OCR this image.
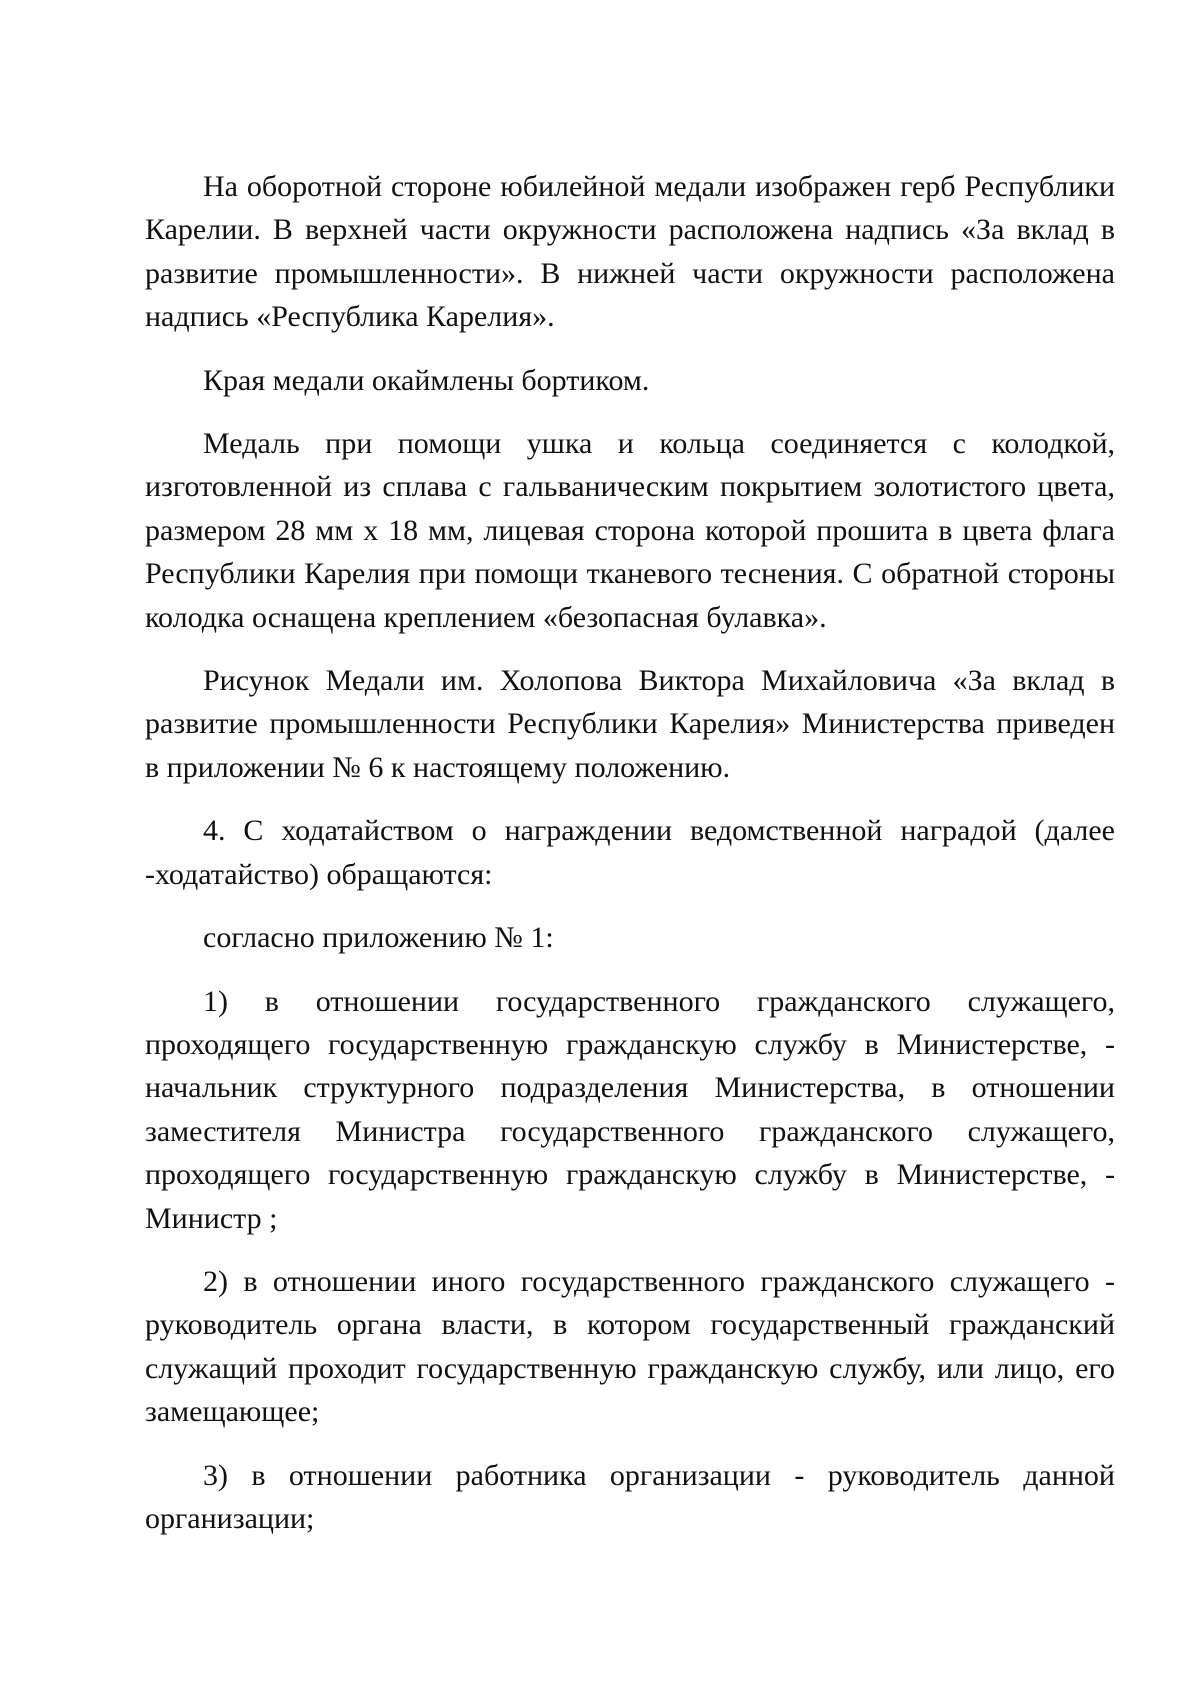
На оборотной стороне юбилейной медали изображен герб Республики Карелии. В верхней части окружности расположена надпись «За вклад в развитие промышленности». В нижней части окружности расположена надпись «Республика Карелия».

Края медали окаймлены бортиком.

Медаль при помощи ушка и кольца соединяется с колодкой, изготовленной из сплава с гальваническим покрытием золотистого цвета, размером 28 мм х 18 мм, лицевая сторона которой прошита в цвета флага Республики Карелия при помощи тканевого теснения. С обратной стороны колодка оснащена креплением «безопасная булавка».

Рисунок Медали им. Холопова Виктора Михайловича «За вклад в развитие промышленности Республики Карелия» Министерства приведен в приложении № 6 к настоящему положению.

4. С ходатайством о награждении ведомственной наградой (далее -ходатайство) обращаются:

согласно приложению № 1:

1) в отношении государственного гражданского служащего, проходящего государственную гражданскую службу в Министерстве, - начальник структурного подразделения Министерства, в отношении заместителя Министра государственного гражданского служащего, проходящего государственную гражданскую службу в Министерстве, - Министр ;

2) в отношении иного государственного гражданского служащего - руководитель органа власти, в котором государственный гражданский служащий проходит государственную гражданскую службу, или лицо, его замещающее;

3) в отношении работника организации - руководитель данной организации;
